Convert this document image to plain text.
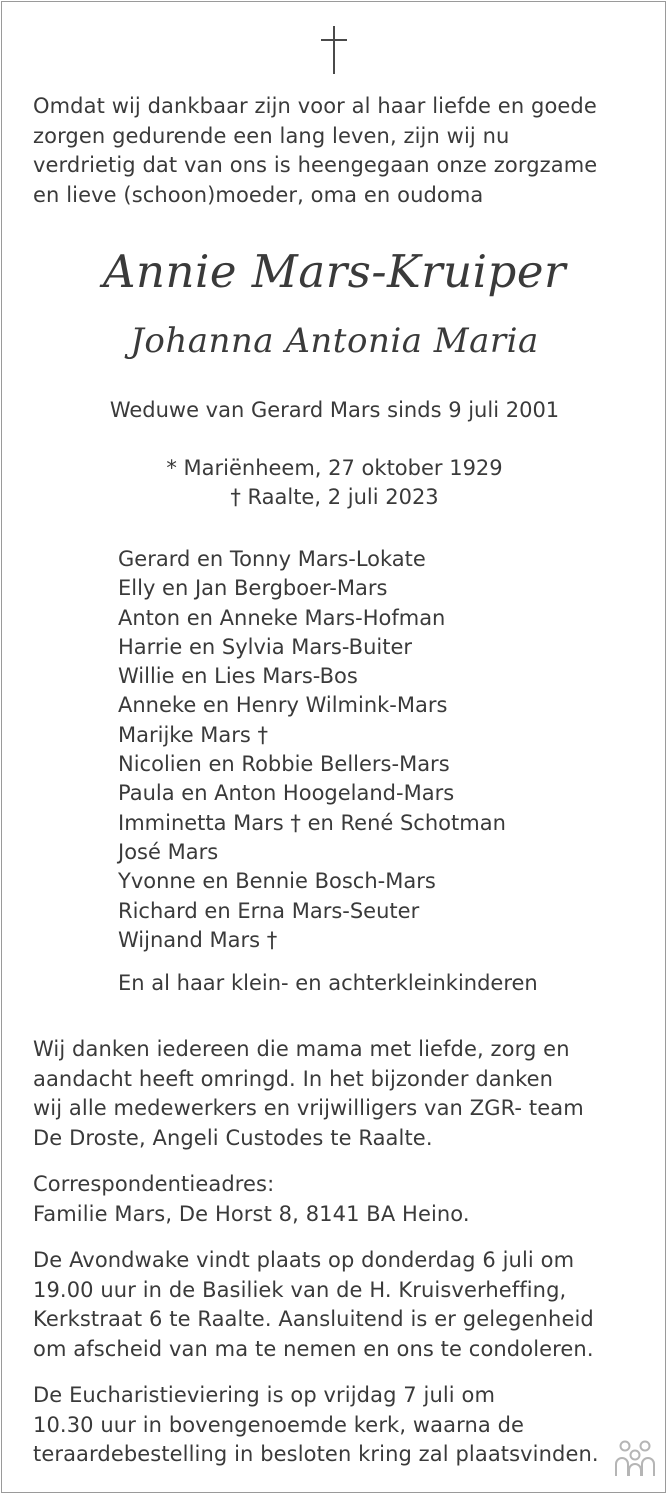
Omdat wij dankbaar zijn voor al haar liefde en goede
zorgen gedurende een lang leven, zijn wij nu
verdrietig dat van ons is heengegaan onze zorgzame
en lieve (schoon)moeder, oma en oudoma
Annie Mars-Kruiper
Johanna Antonia Maria
Weduwe van Gerard Mars sinds 9 juli 2001
* Mariënheem, 27 oktober 1929
† Raalte, 2 juli 2023
Gerard en Tonny Mars-Lokate
Elly en Jan Bergboer-Mars
Anton en Anneke Mars-Hofman
Harrie en Sylvia Mars-Buiter
Willie en Lies Mars-Bos
Anneke en Henry Wilmink-Mars
Marijke Mars †
Nicolien en Robbie Bellers-Mars
Paula en Anton Hoogeland-Mars
Imminetta Mars † en René Schotman
José Mars
Yvonne en Bennie Bosch-Mars
Richard en Erna Mars-Seuter
Wijnand Mars †
En al haar klein- en achterkleinkinderen
Wij danken iedereen die mama met liefde, zorg en
aandacht heeft omringd. In het bijzonder danken
wij alle medewerkers en vrijwilligers van ZGR- team
De Droste, Angeli Custodes te Raalte.
Correspondentieadres:
Familie Mars, De Horst 8, 8141 BA Heino.
De Avondwake vindt plaats op donderdag 6 juli om
19.00 uur in de Basiliek van de H. Kruisverheffing,
Kerkstraat 6 te Raalte. Aansluitend is er gelegenheid
om afscheid van ma te nemen en ons te condoleren.
De Eucharistieviering is op vrijdag 7 juli om
10.30 uur in bovengenoemde kerk, waarna de
teraardebestelling in besloten kring zal plaatsvinden.
